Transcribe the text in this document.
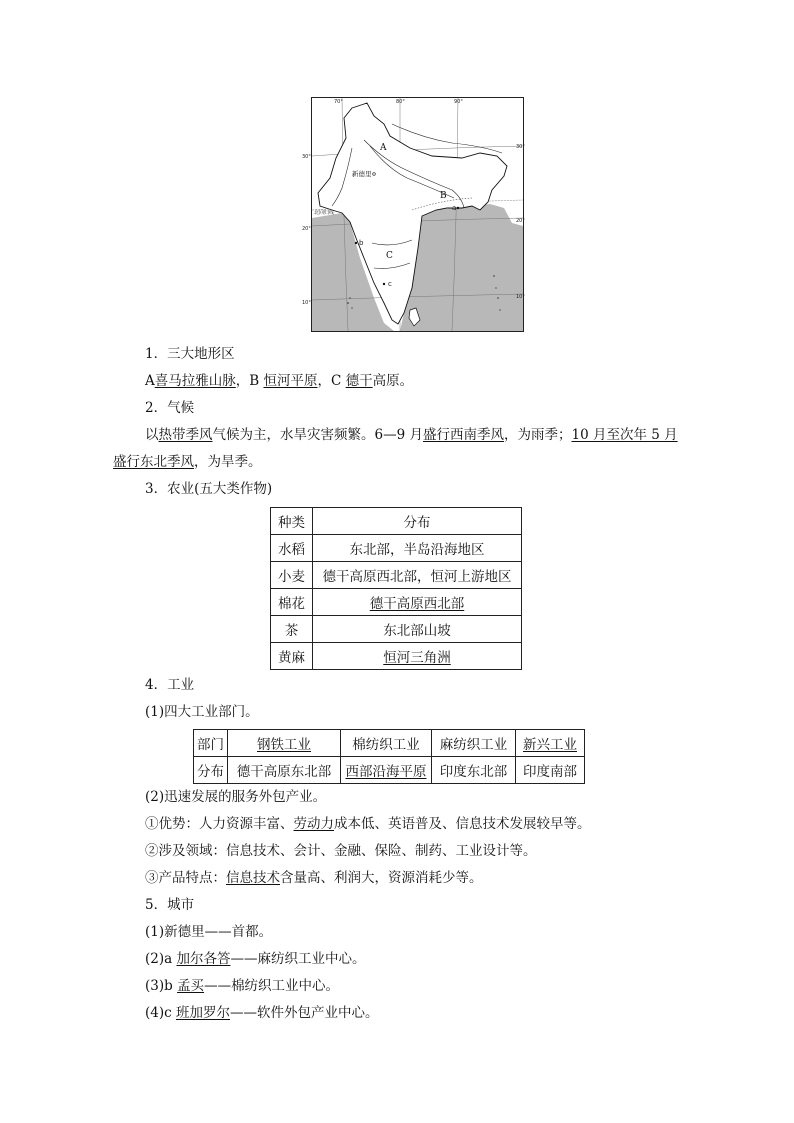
70°	80°	90°
30°
20°
10°
30°
20°
10°
北回归线
新德里
A
B
C
a
b
c
1．三大地形区
A喜马拉雅山脉，B 恒河平原，C 德干高原。
2．气候
以热带季风气候为主，水旱灾害频繁。6—9 月盛行西南季风，为雨季；10 月至次年 5 月
盛行东北季风，为旱季。
3．农业(五大类作物)
种类	分布
水稻	东北部，半岛沿海地区
小麦	德干高原西北部，恒河上游地区
棉花	德干高原西北部
茶	东北部山坡
黄麻	恒河三角洲
4．工业
(1)四大工业部门。
部门	钢铁工业	棉纺织工业	麻纺织工业	新兴工业
分布	德干高原东北部	西部沿海平原	印度东北部	印度南部
(2)迅速发展的服务外包产业。
①优势：人力资源丰富、劳动力成本低、英语普及、信息技术发展较早等。
②涉及领域：信息技术、会计、金融、保险、制药、工业设计等。
③产品特点：信息技术含量高、利润大，资源消耗少等。
5．城市
(1)新德里——首都。
(2)a 加尔各答——麻纺织工业中心。
(3)b 孟买——棉纺织工业中心。
(4)c 班加罗尔——软件外包产业中心。
